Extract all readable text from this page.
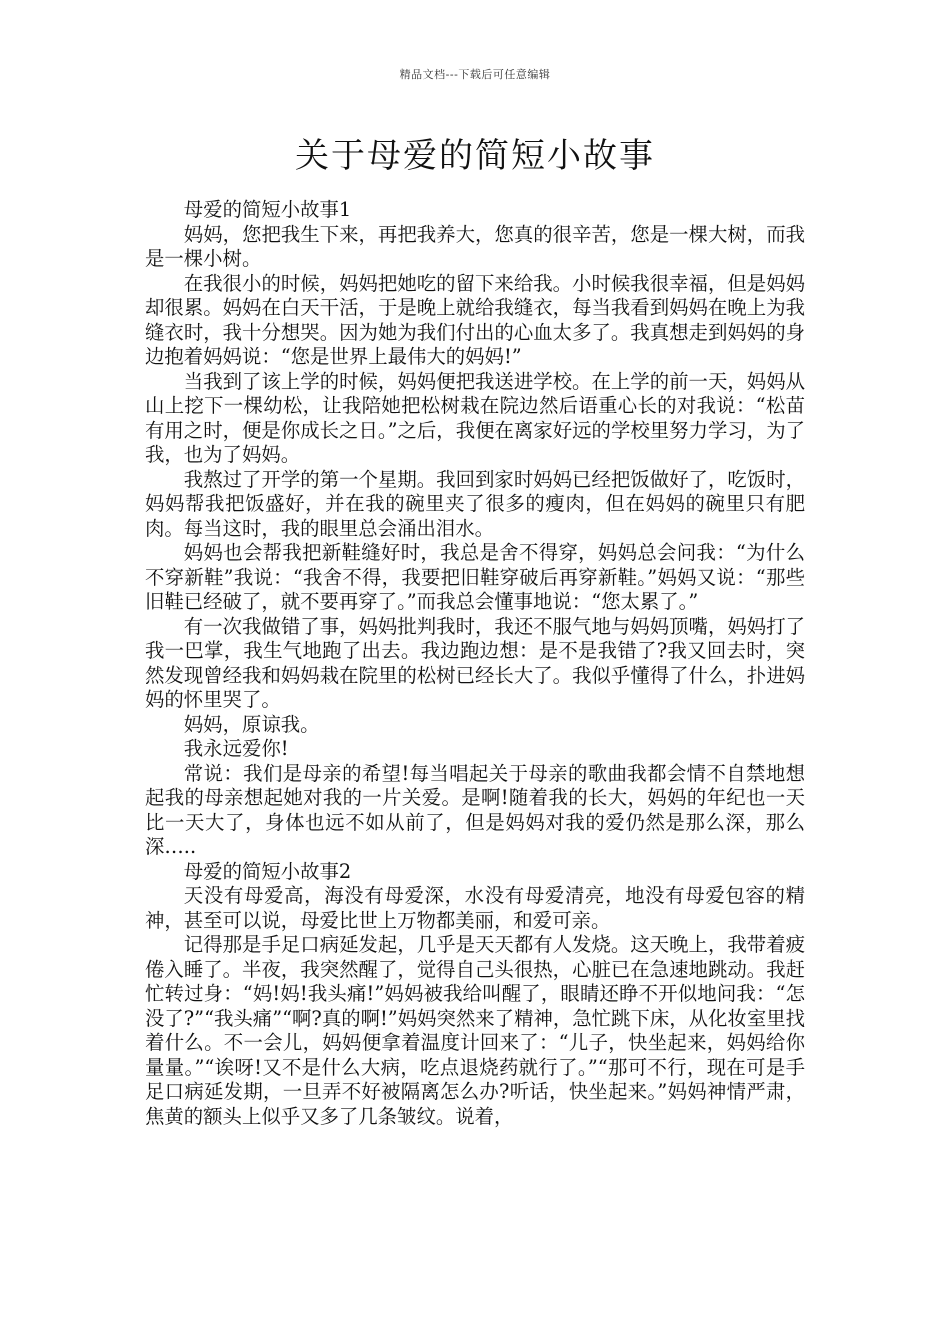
精品文档---下载后可任意编辑
关于母爱的简短小故事

母爱的简短小故事1

妈妈，您把我生下来，再把我养大，您真的很辛苦，您是一棵大树，而我是一棵小树。

在我很小的时候，妈妈把她吃的留下来给我。小时候我很幸福，但是妈妈却很累。妈妈在白天干活，于是晚上就给我缝衣，每当我看到妈妈在晚上为我缝衣时，我十分想哭。因为她为我们付出的心血太多了。我真想走到妈妈的身边抱着妈妈说：“您是世界上最伟大的妈妈!”

当我到了该上学的时候，妈妈便把我送进学校。在上学的前一天，妈妈从山上挖下一棵幼松，让我陪她把松树栽在院边然后语重心长的对我说：“松苗有用之时，便是你成长之日。”之后，我便在离家好远的学校里努力学习，为了我，也为了妈妈。

我熬过了开学的第一个星期。我回到家时妈妈已经把饭做好了，吃饭时，妈妈帮我把饭盛好，并在我的碗里夹了很多的瘦肉，但在妈妈的碗里只有肥肉。每当这时，我的眼里总会涌出泪水。

妈妈也会帮我把新鞋缝好时，我总是舍不得穿，妈妈总会问我：“为什么不穿新鞋”我说：“我舍不得，我要把旧鞋穿破后再穿新鞋。”妈妈又说：“那些旧鞋已经破了，就不要再穿了。”而我总会懂事地说：“您太累了。”

有一次我做错了事，妈妈批判我时，我还不服气地与妈妈顶嘴，妈妈打了我一巴掌，我生气地跑了出去。我边跑边想：是不是我错了?我又回去时，突然发现曾经我和妈妈栽在院里的松树已经长大了。我似乎懂得了什么，扑进妈妈的怀里哭了。

妈妈，原谅我。

我永远爱你!

常说：我们是母亲的希望!每当唱起关于母亲的歌曲我都会情不自禁地想起我的母亲想起她对我的一片关爱。是啊!随着我的长大，妈妈的年纪也一天比一天大了，身体也远不如从前了，但是妈妈对我的爱仍然是那么深，那么深…..

母爱的简短小故事2

天没有母爱高，海没有母爱深，水没有母爱清亮，地没有母爱包容的精神，甚至可以说，母爱比世上万物都美丽，和爱可亲。

记得那是手足口病延发起，几乎是天天都有人发烧。这天晚上，我带着疲倦入睡了。半夜，我突然醒了，觉得自己头很热，心脏已在急速地跳动。我赶忙转过身：“妈!妈!我头痛!”妈妈被我给叫醒了，眼睛还睁不开似地问我：“怎没了?”“我头痛”“啊?真的啊!”妈妈突然来了精神，急忙跳下床，从化妆室里找着什么。不一会儿，妈妈便拿着温度计回来了：“儿子，快坐起来，妈妈给你量量。”“诶呀!又不是什么大病，吃点退烧药就行了。”“那可不行，现在可是手足口病延发期，一旦弄不好被隔离怎么办?听话，快坐起来。”妈妈神情严肃，焦黄的额头上似乎又多了几条皱纹。说着，
